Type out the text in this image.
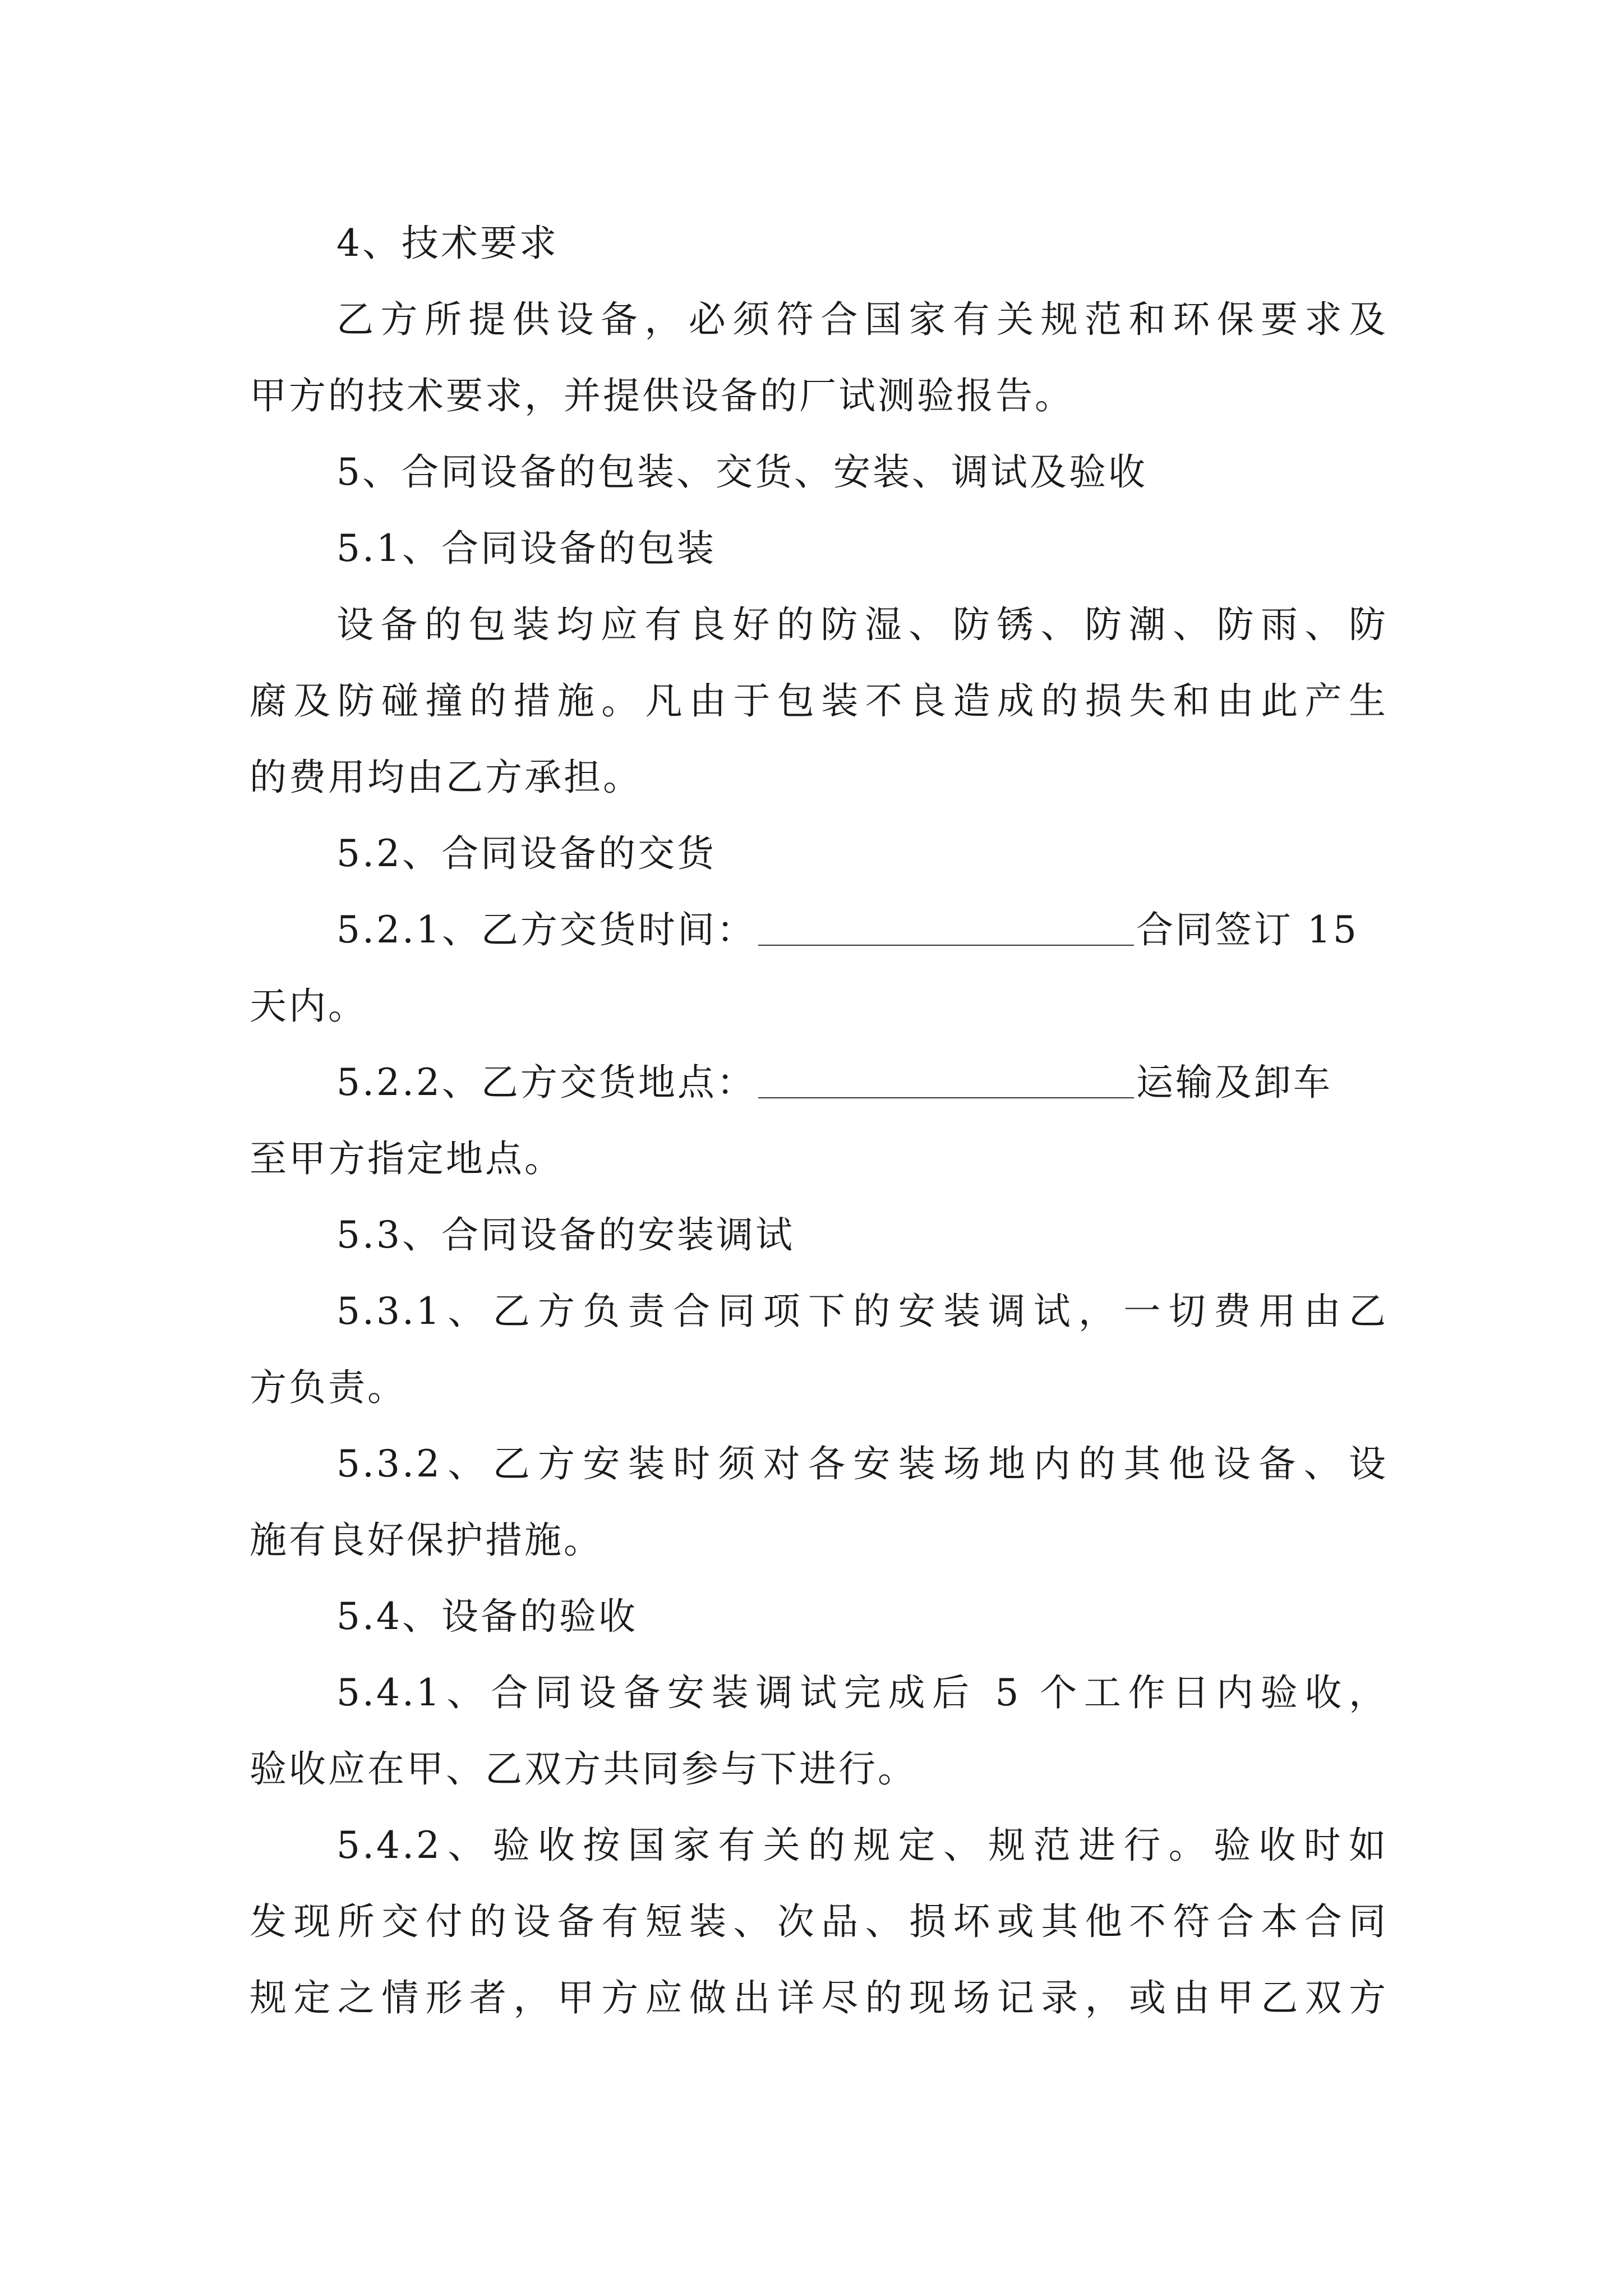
4、技术要求
乙方所提供设备，必须符合国家有关规范和环保要求及
甲方的技术要求，并提供设备的厂试测验报告。
5、合同设备的包装、交货、安装、调试及验收
5.1、合同设备的包装
设备的包装均应有良好的防湿、防锈、防潮、防雨、防
腐及防碰撞的措施。凡由于包装不良造成的损失和由此产生
的费用均由乙方承担。
5.2、合同设备的交货
5.2.1、乙方交货时间：	合同签订 15
天内。
5.2.2、乙方交货地点：	运输及卸车
至甲方指定地点。
5.3、合同设备的安装调试
5.3.1、乙方负责合同项下的安装调试，一切费用由乙
方负责。
5.3.2、乙方安装时须对各安装场地内的其他设备、设
施有良好保护措施。
5.4、设备的验收
5.4.1、合同设备安装调试完成后 5 个工作日内验收，
验收应在甲、乙双方共同参与下进行。
5.4.2、验收按国家有关的规定、规范进行。验收时如
发现所交付的设备有短装、次品、损坏或其他不符合本合同
规定之情形者，甲方应做出详尽的现场记录，或由甲乙双方
